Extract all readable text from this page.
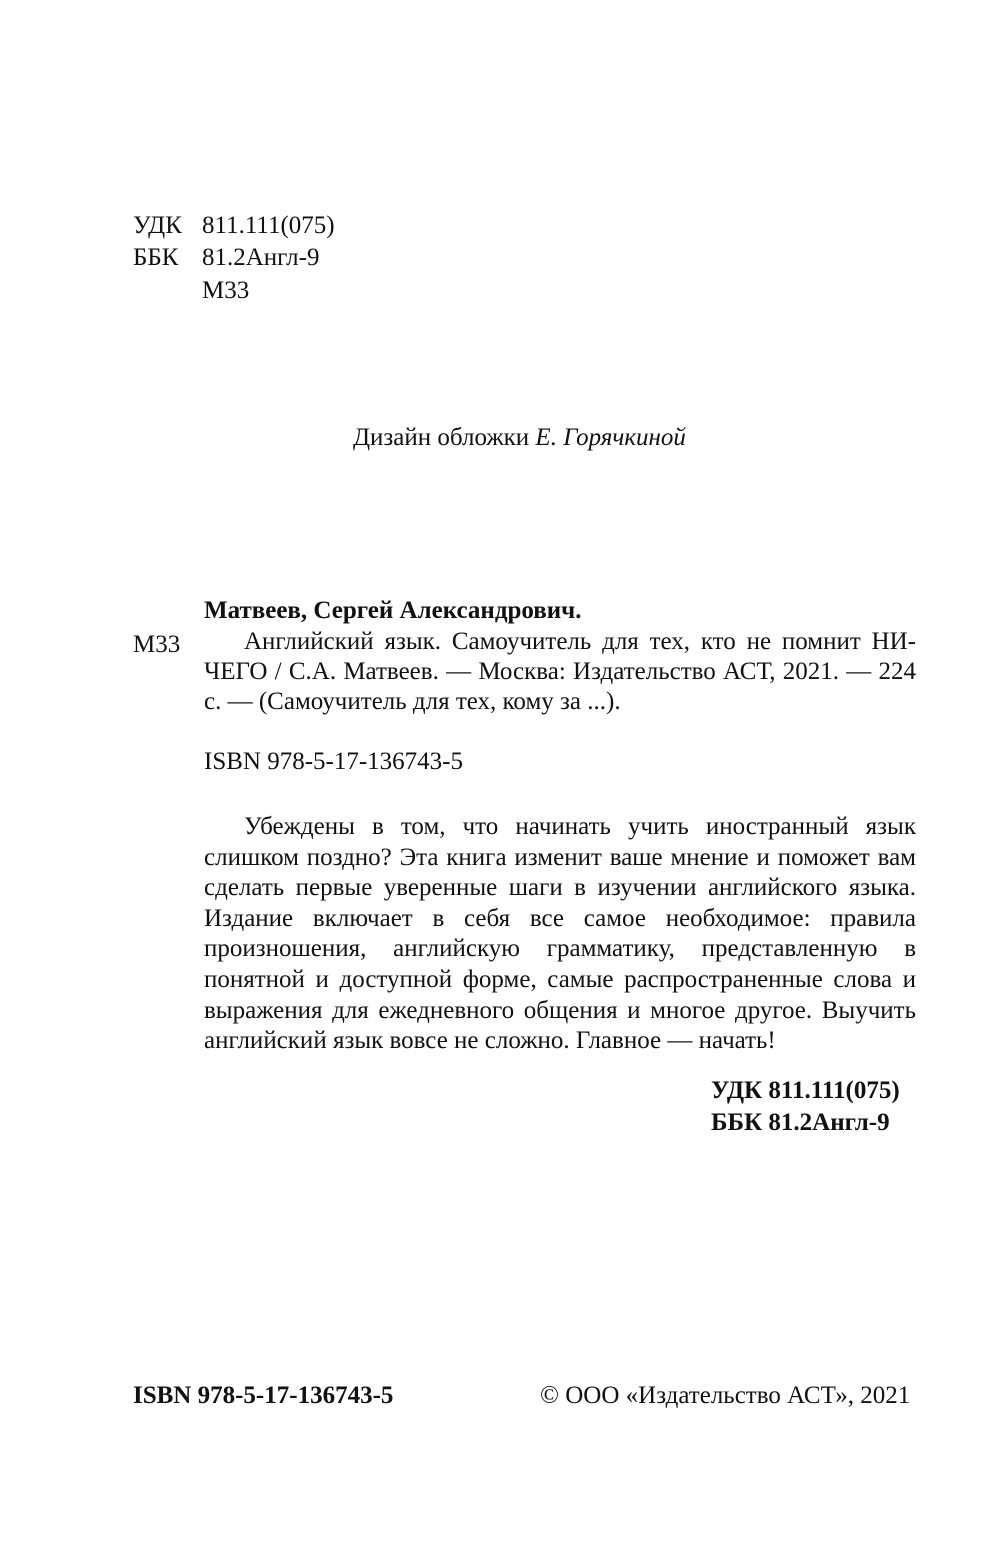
УДК 811.111(075)
ББК 81.2Англ-9
М33
Дизайн обложки Е. Горячкиной
Матвеев, Сергей Александрович.
М33	Английский язык. Самоучитель для тех, кто не помнит НИ-ЧЕГО / С.А. Матвеев. — Москва: Издательство АСТ, 2021. — 224 с. — (Самоучитель для тех, кому за ...).
ISBN 978-5-17-136743-5
Убеждены в том, что начинать учить иностранный язык слишком поздно? Эта книга изменит ваше мнение и поможет вам сделать первые уверенные шаги в изучении английского языка. Издание включает в себя все самое необходимое: правила произношения, английскую грамматику, представленную в понятной и доступной форме, самые распространенные слова и выражения для ежедневного общения и многое другое. Выучить английский язык вовсе не сложно. Главное — начать!
УДК 811.111(075)
ББК 81.2Англ-9
ISBN 978-5-17-136743-5	© ООО «Издательство АСТ», 2021
